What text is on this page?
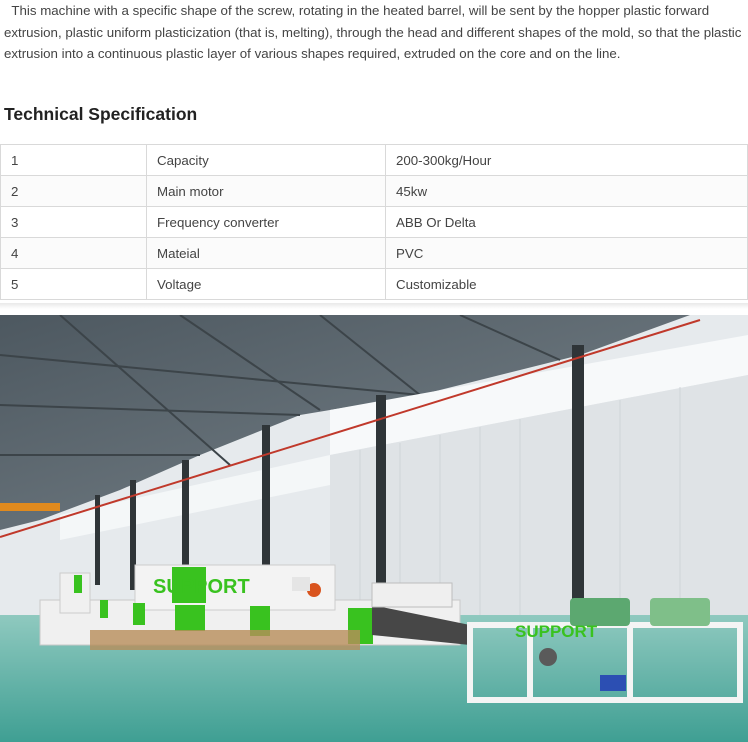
This machine with a specific shape of the screw, rotating in the heated barrel, will be sent by the hopper plastic forward extrusion, plastic uniform plasticization (that is, melting), through the head and different shapes of the mold, so that the plastic extrusion into a continuous plastic layer of various shapes required, extruded on the core and on the line.

Technical Specification
1	Capacity	200-300kg/Hour
2	Main motor	45kw
3	Frequency converter	ABB Or Delta
4	Mateial	PVC
5	Voltage	Customizable
SUPPORT
SUPPORT
